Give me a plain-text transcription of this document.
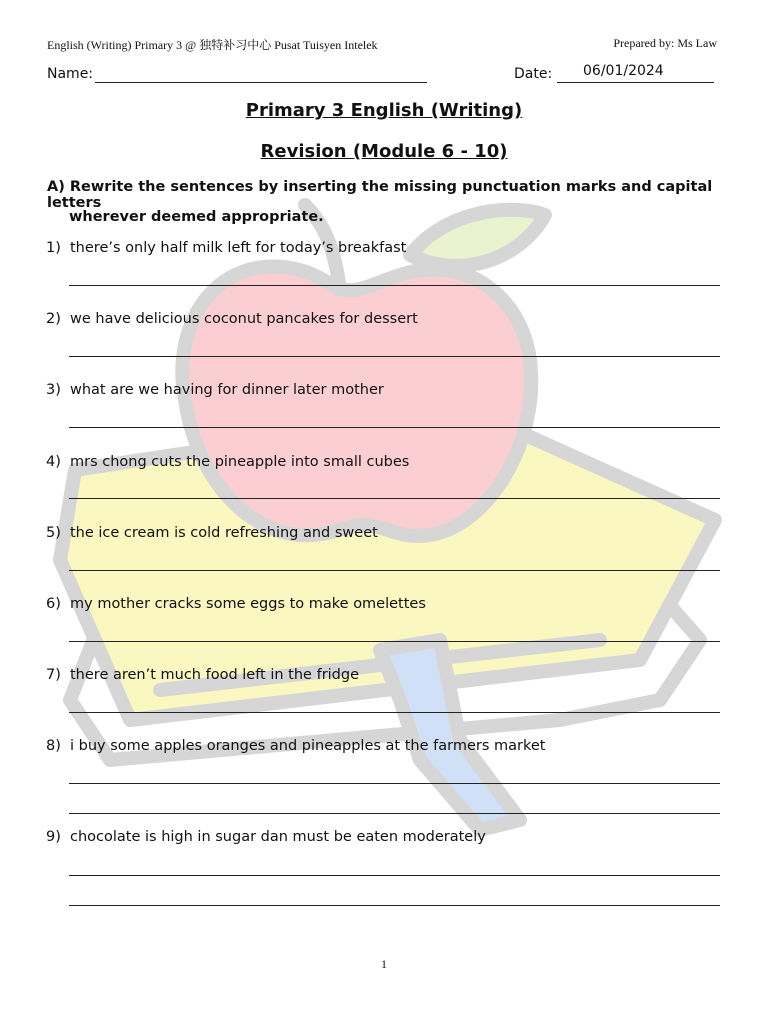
English (Writing) Primary 3 @ 独特补习中心 Pusat Tuisyen Intelek	Prepared by: Ms Law
Name:	Date: 06/01/2024
Primary 3 English (Writing)
Revision (Module 6 - 10)
A) Rewrite the sentences by inserting the missing punctuation marks and capital letters
wherever deemed appropriate.
1) there’s only half milk left for today’s breakfast
2) we have delicious coconut pancakes for dessert
3) what are we having for dinner later mother
4) mrs chong cuts the pineapple into small cubes
5) the ice cream is cold refreshing and sweet
6) my mother cracks some eggs to make omelettes
7) there aren’t much food left in the fridge
8) i buy some apples oranges and pineapples at the farmers market
9) chocolate is high in sugar dan must be eaten moderately
1
